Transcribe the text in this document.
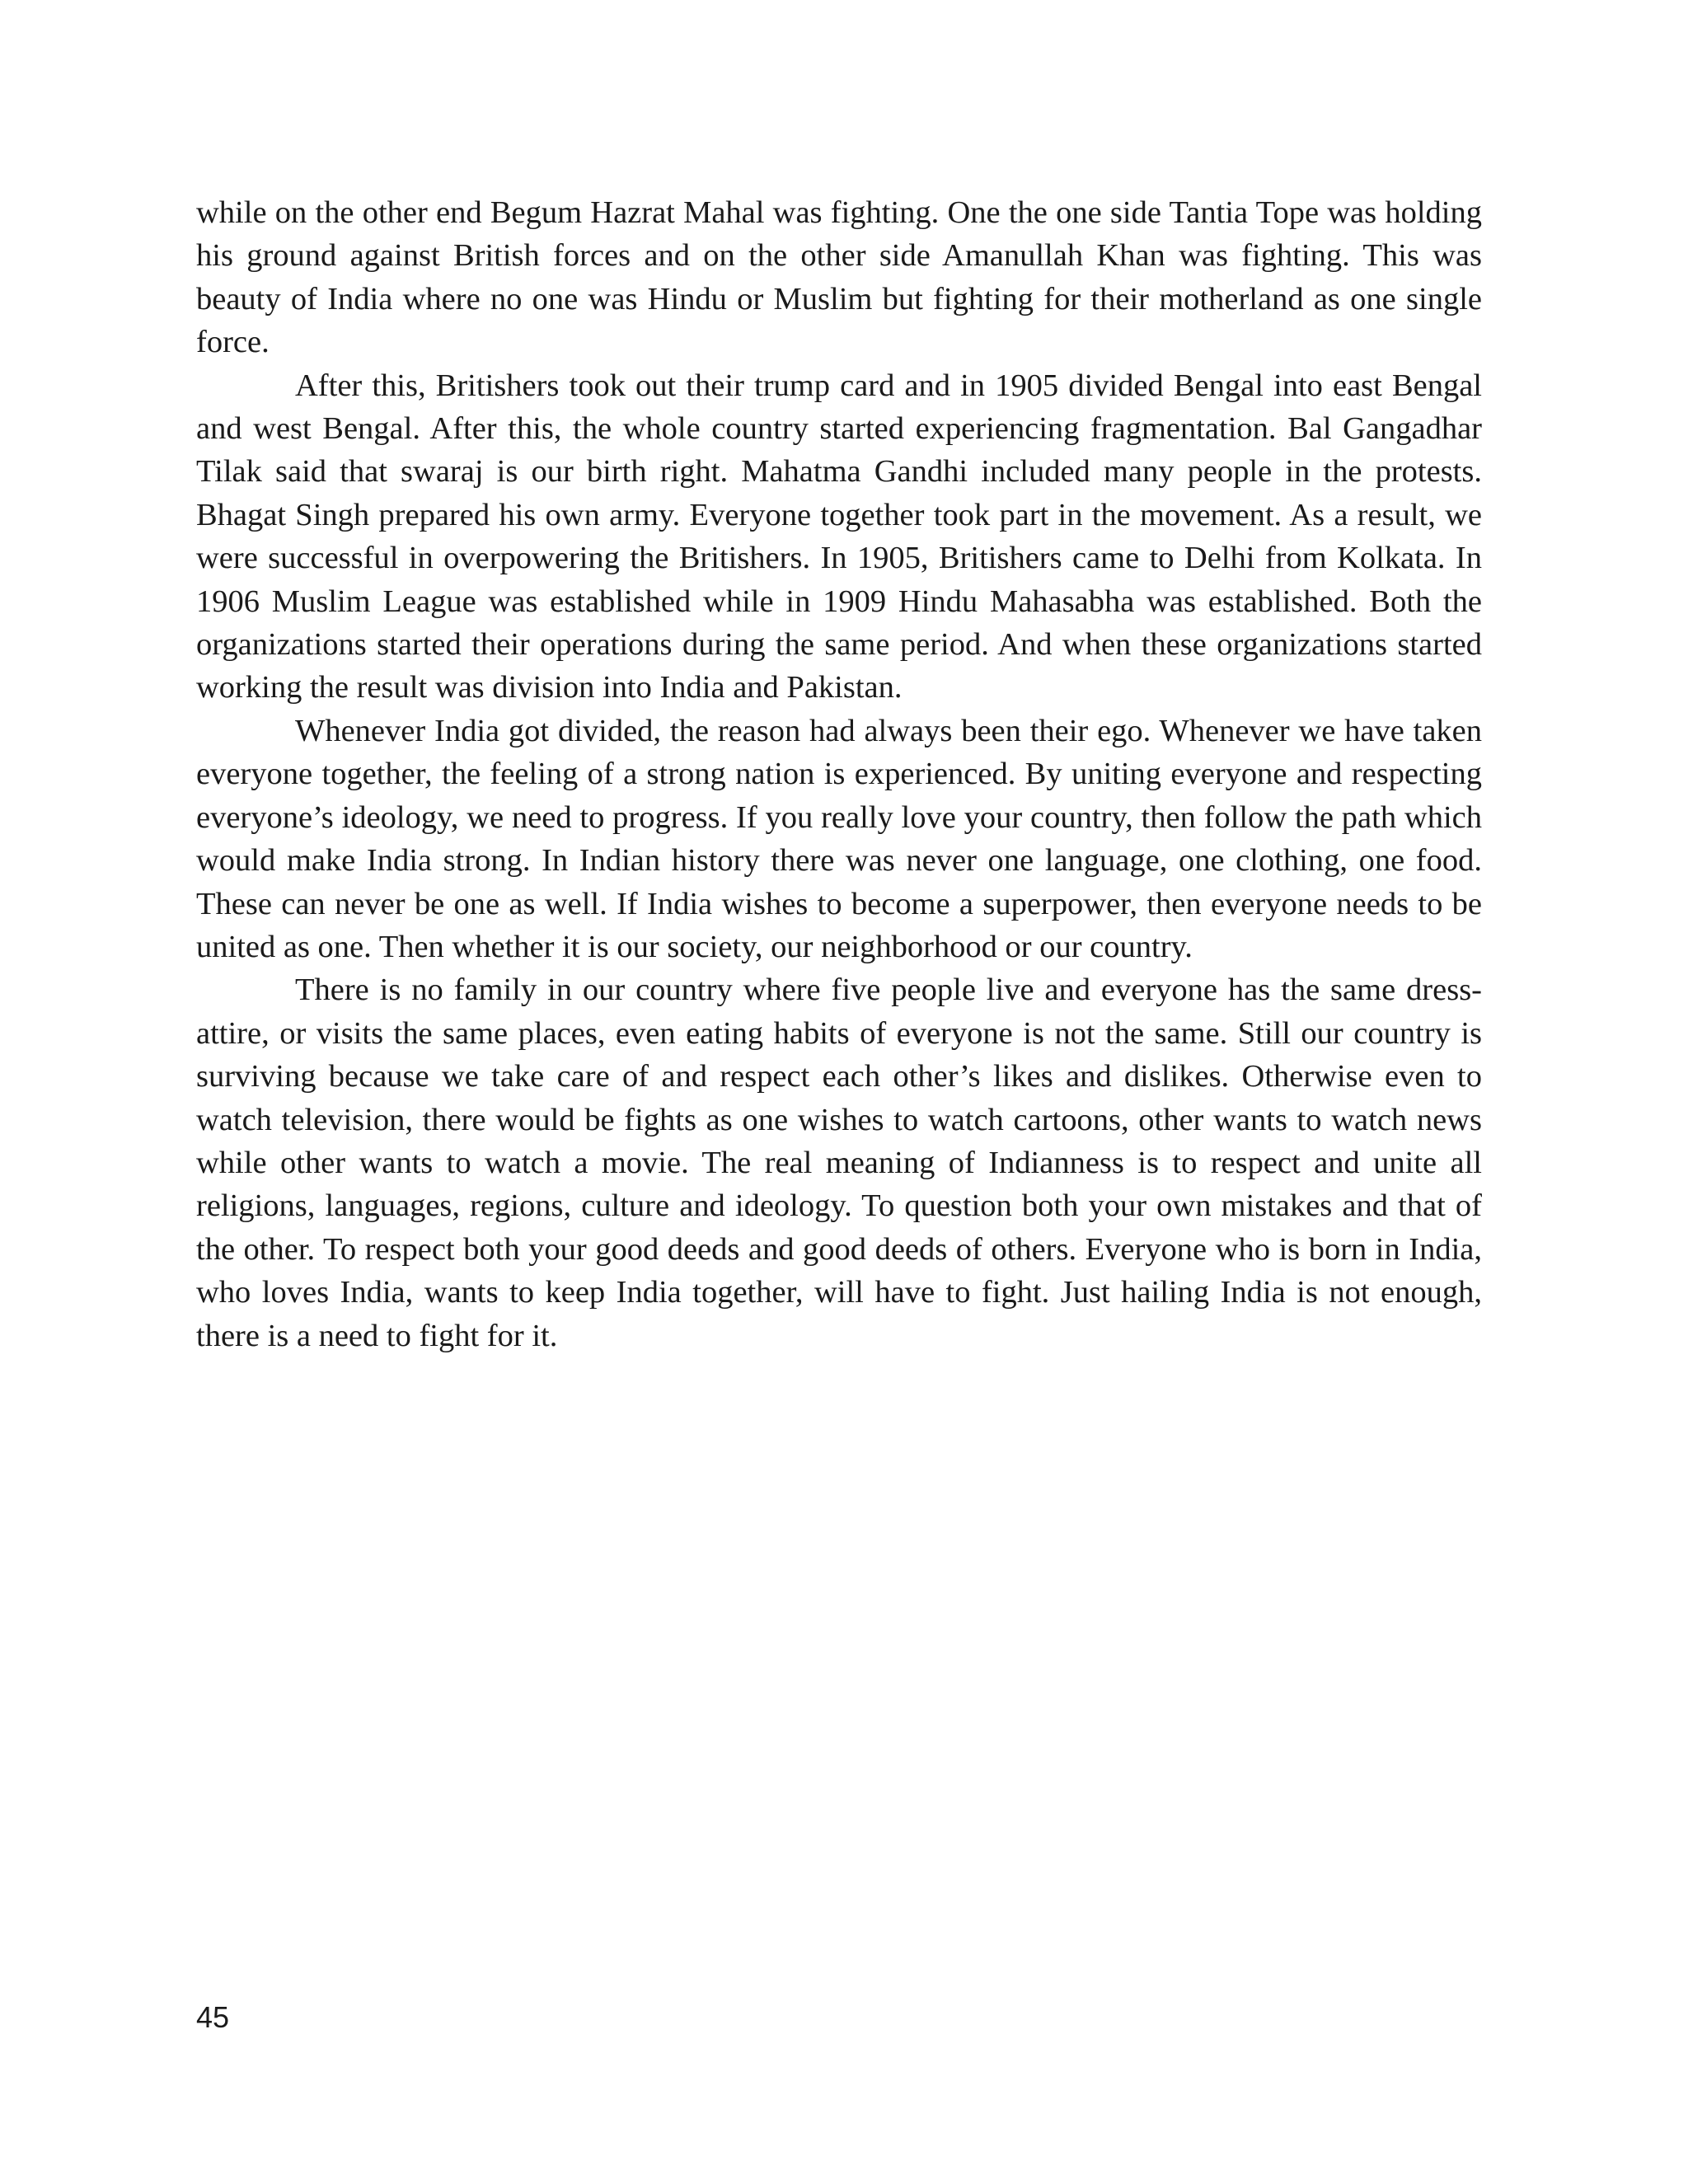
while on the other end Begum Hazrat Mahal was fighting. One the one side Tantia Tope was holding his ground against British forces and on the other side Amanullah Khan was fighting. This was beauty of India where no one was Hindu or Muslim but fighting for their motherland as one single force.

After this, Britishers took out their trump card and in 1905 divided Bengal into east Bengal and west Bengal. After this, the whole country started experiencing fragmentation. Bal Gangadhar Tilak said that swaraj is our birth right. Mahatma Gandhi included many people in the protests. Bhagat Singh prepared his own army. Everyone together took part in the movement. As a result, we were successful in overpowering the Britishers. In 1905, Britishers came to Delhi from Kolkata. In 1906 Muslim League was established while in 1909 Hindu Mahasabha was established. Both the organizations started their operations during the same period. And when these organizations started working the result was division into India and Pakistan.

Whenever India got divided, the reason had always been their ego. Whenever we have taken everyone together, the feeling of a strong nation is experienced. By uniting everyone and respecting everyone’s ideology, we need to progress. If you really love your country, then follow the path which would make India strong. In Indian history there was never one language, one clothing, one food. These can never be one as well. If India wishes to become a superpower, then everyone needs to be united as one. Then whether it is our society, our neighborhood or our country.

There is no family in our country where five people live and everyone has the same dress-attire, or visits the same places, even eating habits of everyone is not the same. Still our country is surviving because we take care of and respect each other’s likes and dislikes. Otherwise even to watch television, there would be fights as one wishes to watch cartoons, other wants to watch news while other wants to watch a movie. The real meaning of Indianness is to respect and unite all religions, languages, regions, culture and ideology. To question both your own mistakes and that of the other. To respect both your good deeds and good deeds of others. Everyone who is born in India, who loves India, wants to keep India together, will have to fight. Just hailing India is not enough, there is a need to fight for it.

45
